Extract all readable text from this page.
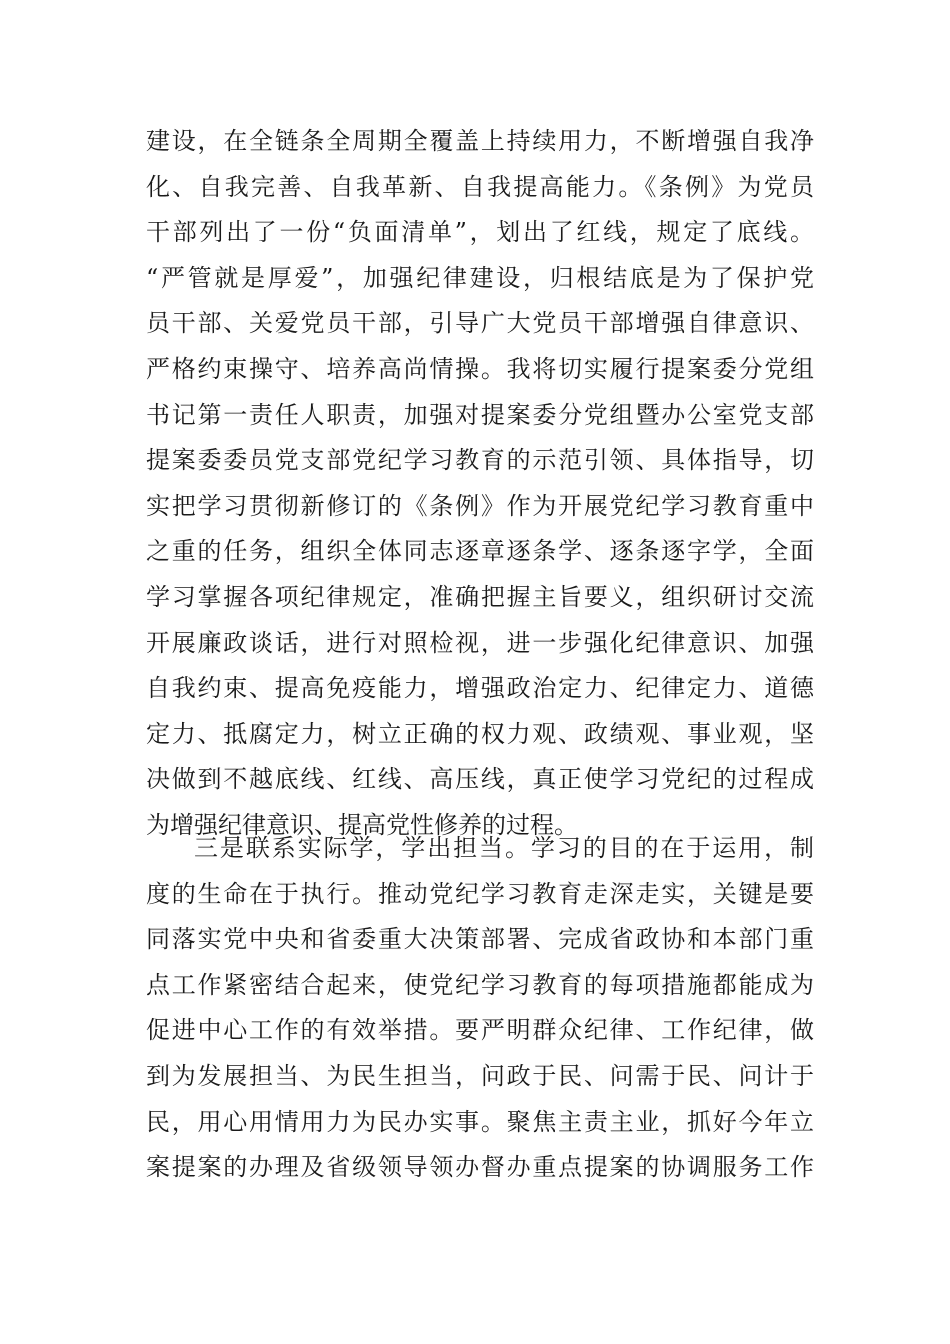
建设，在全链条全周期全覆盖上持续用力，不断增强自我净
化、自我完善、自我革新、自我提高能力。《条例》为党员
干部列出了一份“负面清单”，划出了红线，规定了底线。
“严管就是厚爱”，加强纪律建设，归根结底是为了保护党
员干部、关爱党员干部，引导广大党员干部增强自律意识、
严格约束操守、培养高尚情操。我将切实履行提案委分党组
书记第一责任人职责，加强对提案委分党组暨办公室党支部
提案委委员党支部党纪学习教育的示范引领、具体指导，切
实把学习贯彻新修订的《条例》作为开展党纪学习教育重中
之重的任务，组织全体同志逐章逐条学、逐条逐字学，全面
学习掌握各项纪律规定，准确把握主旨要义，组织研讨交流
开展廉政谈话，进行对照检视，进一步强化纪律意识、加强
自我约束、提高免疫能力，增强政治定力、纪律定力、道德
定力、抵腐定力，树立正确的权力观、政绩观、事业观，坚
决做到不越底线、红线、高压线，真正使学习党纪的过程成
为增强纪律意识、提高党性修养的过程。
三是联系实际学，学出担当。学习的目的在于运用，制
度的生命在于执行。推动党纪学习教育走深走实，关键是要
同落实党中央和省委重大决策部署、完成省政协和本部门重
点工作紧密结合起来，使党纪学习教育的每项措施都能成为
促进中心工作的有效举措。要严明群众纪律、工作纪律，做
到为发展担当、为民生担当，问政于民、问需于民、问计于
民，用心用情用力为民办实事。聚焦主责主业，抓好今年立
案提案的办理及省级领导领办督办重点提案的协调服务工作
